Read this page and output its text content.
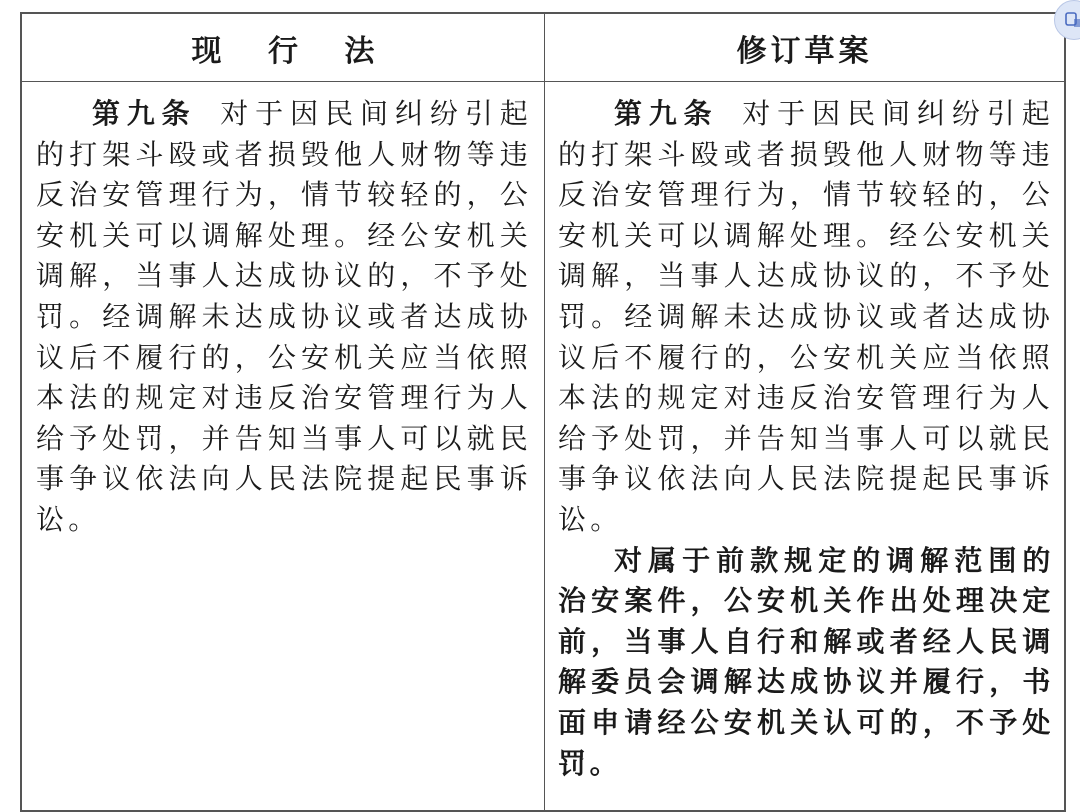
现 行 法	修订草案

第九条 对于因民间纠纷引起的打架斗殴或者损毁他人财物等违反治安管理行为，情节较轻的，公安机关可以调解处理。经公安机关调解，当事人达成协议的，不予处罚。经调解未达成协议或者达成协议后不履行的，公安机关应当依照本法的规定对违反治安管理行为人给予处罚，并告知当事人可以就民事争议依法向人民法院提起民事诉讼。

第九条 对于因民间纠纷引起的打架斗殴或者损毁他人财物等违反治安管理行为，情节较轻的，公安机关可以调解处理。经公安机关调解，当事人达成协议的，不予处罚。经调解未达成协议或者达成协议后不履行的，公安机关应当依照本法的规定对违反治安管理行为人给予处罚，并告知当事人可以就民事争议依法向人民法院提起民事诉讼。

对属于前款规定的调解范围的治安案件，公安机关作出处理决定前，当事人自行和解或者经人民调解委员会调解达成协议并履行，书面申请经公安机关认可的，不予处罚。
